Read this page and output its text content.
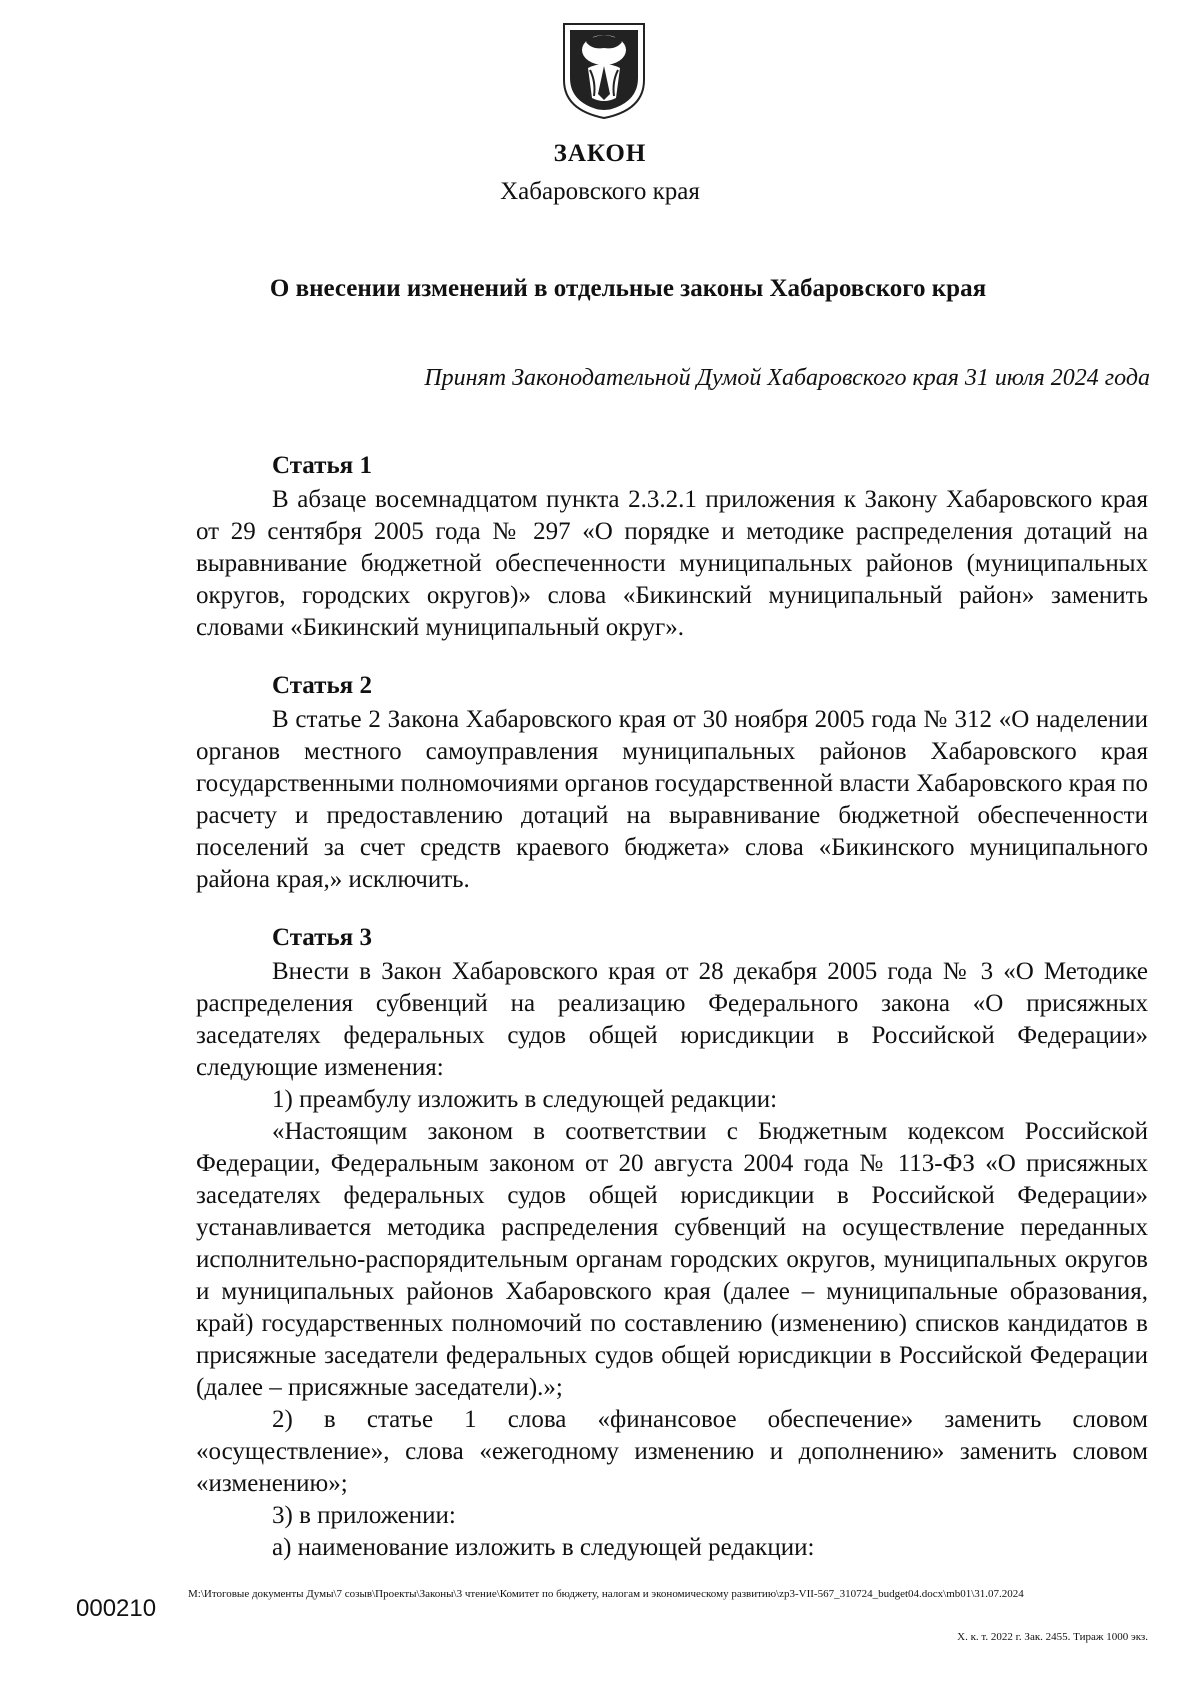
ЗАКОН
Хабаровского края
О внесении изменений в отдельные законы Хабаровского края
Принят Законодательной Думой Хабаровского края 31 июля 2024 года
Статья 1

В абзаце восемнадцатом пункта 2.3.2.1 приложения к Закону Хабаровского края от 29 сентября 2005 года № 297 «О порядке и методике распределения дотаций на выравнивание бюджетной обеспеченности муниципальных районов (муниципальных округов, городских округов)» слова «Бикинский муниципальный район» заменить словами «Бикинский муниципальный округ».

Статья 2

В статье 2 Закона Хабаровского края от 30 ноября 2005 года № 312 «О наделении органов местного самоуправления муниципальных районов Хабаровского края государственными полномочиями органов государственной власти Хабаровского края по расчету и предоставлению дотаций на выравнивание бюджетной обеспеченности поселений за счет средств краевого бюджета» слова «Бикинского муниципального района края,» исключить.

Статья 3

Внести в Закон Хабаровского края от 28 декабря 2005 года № 3 «О Методике распределения субвенций на реализацию Федерального закона «О присяжных заседателях федеральных судов общей юрисдикции в Российской Федерации» следующие изменения:

1) преамбулу изложить в следующей редакции:

«Настоящим законом в соответствии с Бюджетным кодексом Российской Федерации, Федеральным законом от 20 августа 2004 года № 113-ФЗ «О присяжных заседателях федеральных судов общей юрисдикции в Российской Федерации» устанавливается методика распределения субвенций на осуществление переданных исполнительно-распорядительным органам городских округов, муниципальных округов и муниципальных районов Хабаровского края (далее – муниципальные образования, край) государственных полномочий по составлению (изменению) списков кандидатов в присяжные заседатели федеральных судов общей юрисдикции в Российской Федерации (далее – присяжные заседатели).»;

2) в статье 1 слова «финансовое обеспечение» заменить словом «осуществление», слова «ежегодному изменению и дополнению» заменить словом «изменению»;

3) в приложении:

а) наименование изложить в следующей редакции:

000210
M:\Итоговые документы Думы\7 созыв\Проекты\Законы\3 чтение\Комитет по бюджету, налогам и экономическому развитию\zp3-VII-567_310724_budget04.docx\mb01\31.07.2024
Х. к. т. 2022 г. Зак. 2455. Тираж 1000 экз.
